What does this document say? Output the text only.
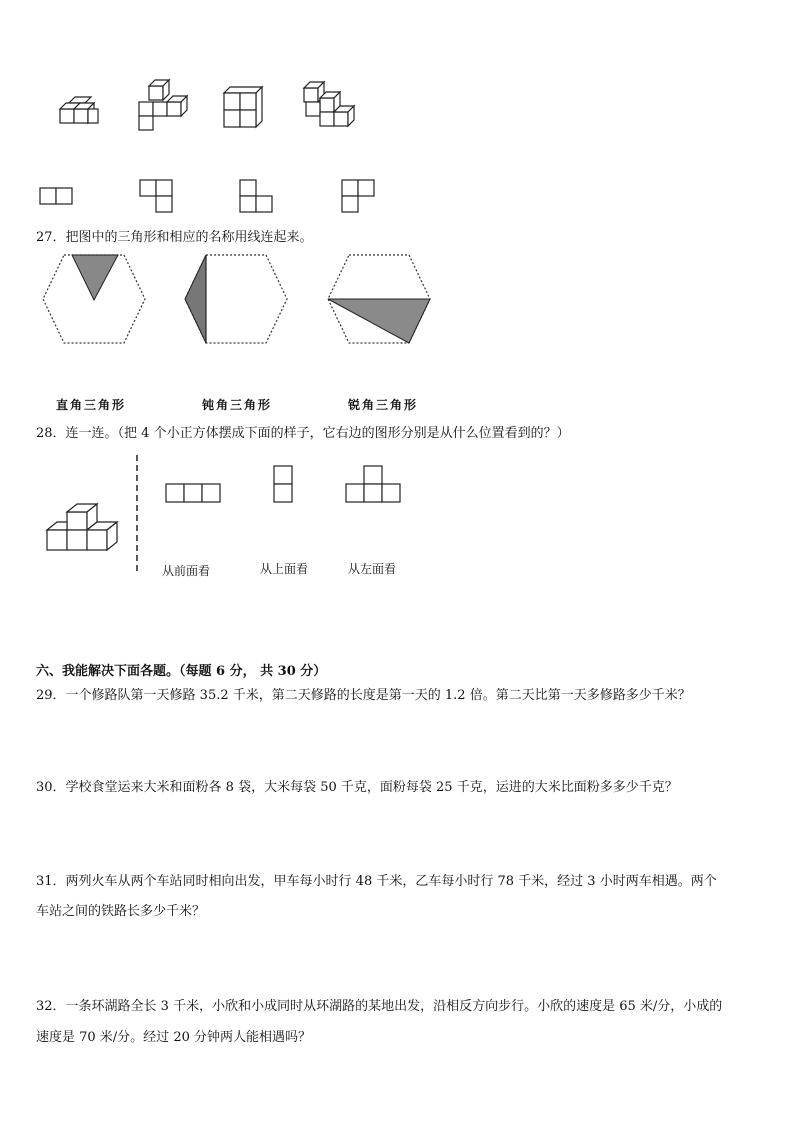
27．把图中的三角形和相应的名称用线连起来。
直角三角形	钝角三角形	锐角三角形
28．连一连。（把 4 个小正方体摆成下面的样子，它右边的图形分别是从什么位置看到的？）
从前面看	从上面看	从左面看
六、我能解决下面各题。（每题 6 分， 共 30 分）
29．一个修路队第一天修路 35.2 千米，第二天修路的长度是第一天的 1.2 倍。第二天比第一天多修路多少千米？
30．学校食堂运来大米和面粉各 8 袋，大米每袋 50 千克，面粉每袋 25 千克，运进的大米比面粉多多少千克？
31．两列火车从两个车站同时相向出发，甲车每小时行 48 千米，乙车每小时行 78 千米，经过 3 小时两车相遇。两个
车站之间的铁路长多少千米？
32．一条环湖路全长 3 千米，小欣和小成同时从环湖路的某地出发，沿相反方向步行。小欣的速度是 65 米/分，小成的
速度是 70 米/分。经过 20 分钟两人能相遇吗？
